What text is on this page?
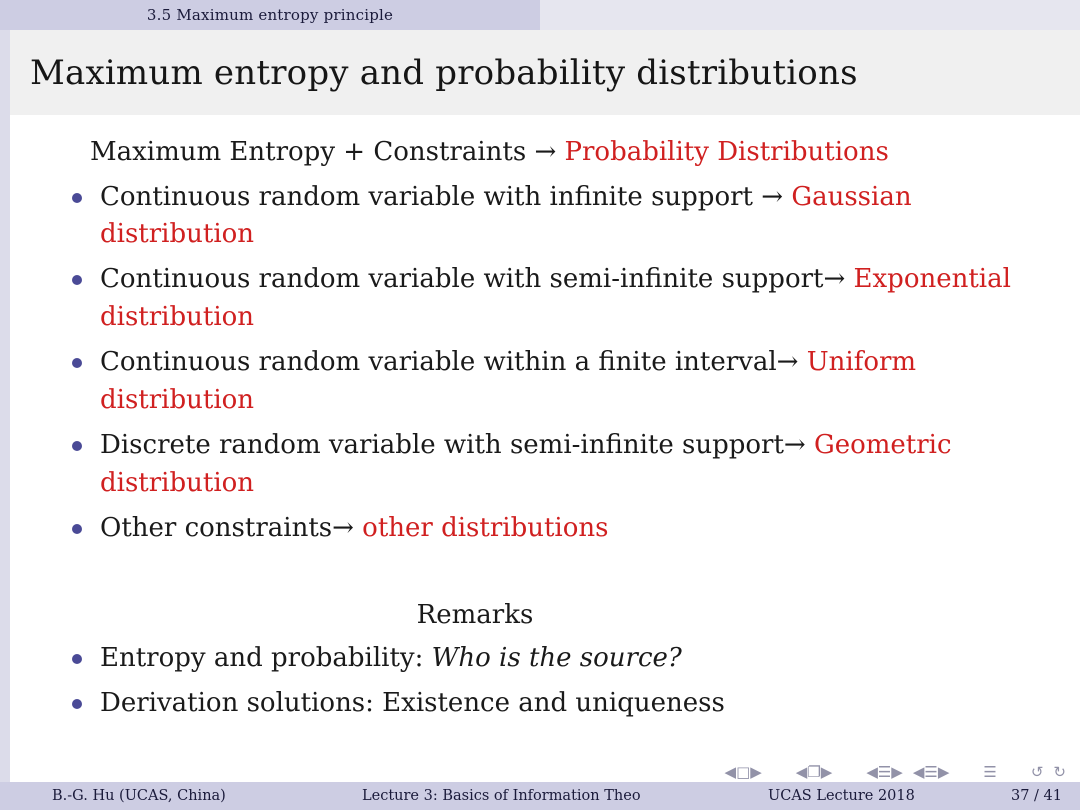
3.5 Maximum entropy principle
Maximum entropy and probability distributions
Maximum Entropy + Constraints → Probability Distributions
Continuous random variable with infinite support → Gaussian distribution
Continuous random variable with semi-infinite support→ Exponential distribution
Continuous random variable within a finite interval→ Uniform distribution
Discrete random variable with semi-infinite support→ Geometric distribution
Other constraints→ other distributions
Remarks
Entropy and probability: Who is the source?
Derivation solutions: Existence and uniqueness
◀□▶ ◀❐▶ ◀☰▶ ◀☰▶ ☰ ↺ ↻
B.-G. Hu (UCAS, China)	Lecture 3: Basics of Information Theo	UCAS Lecture 2018	37 / 41
